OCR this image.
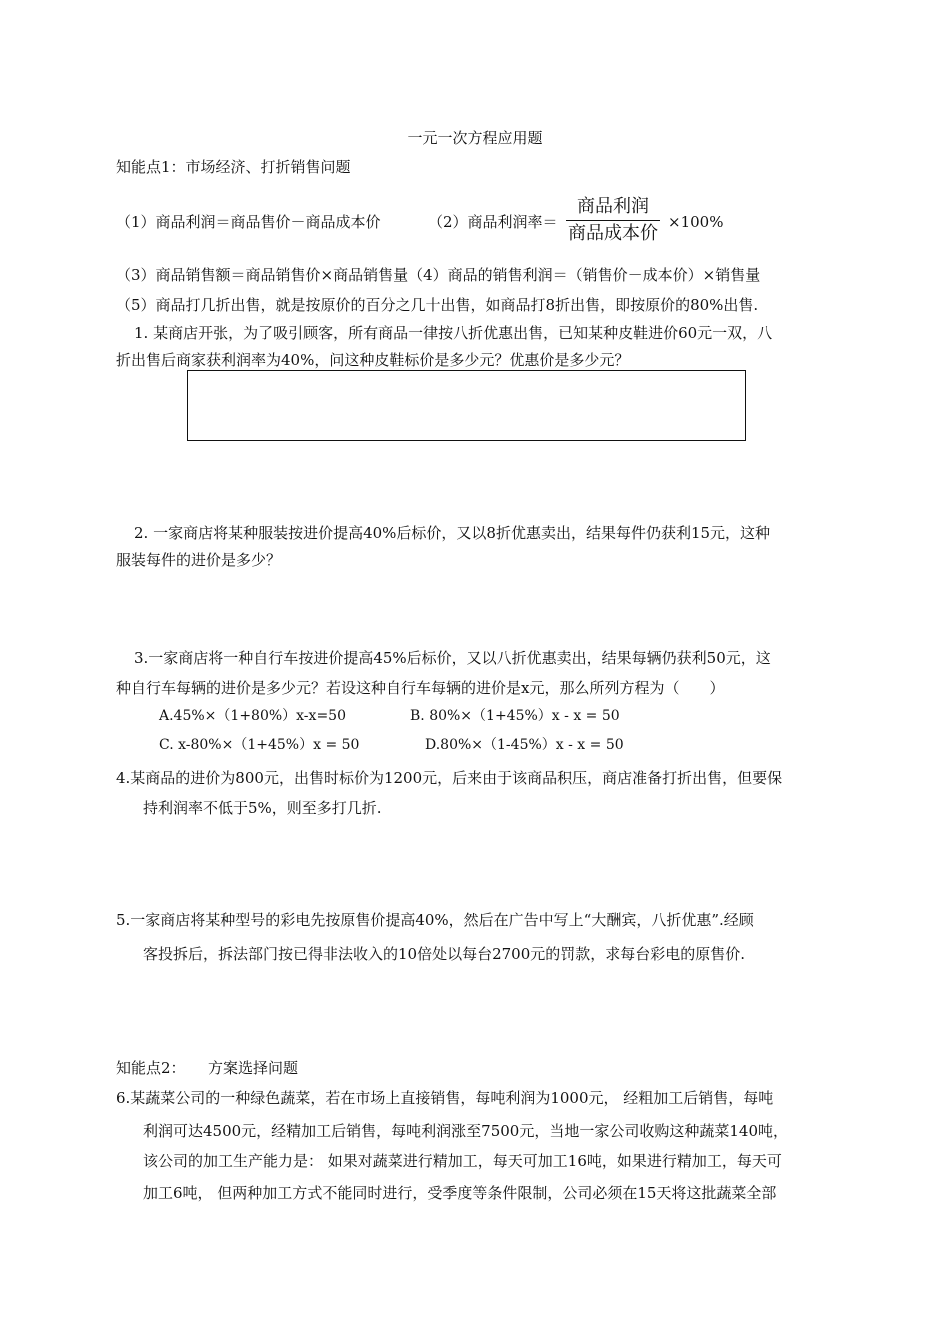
一元一次方程应用题
知能点1：市场经济、打折销售问题
（1）商品利润＝商品售价－商品成本价	（2）商品利润率＝
商品利润
商品成本价
×100%
（3）商品销售额＝商品销售价×商品销售量（4）商品的销售利润＝（销售价－成本价）×销售量
（5）商品打几折出售，就是按原价的百分之几十出售，如商品打8折出售，即按原价的80%出售.
1. 某商店开张，为了吸引顾客，所有商品一律按八折优惠出售，已知某种皮鞋进价60元一双，八
折出售后商家获利润率为40%，问这种皮鞋标价是多少元？优惠价是多少元？
2. 一家商店将某种服装按进价提高40%后标价，又以8折优惠卖出，结果每件仍获利15元，这种
服装每件的进价是多少？
3.一家商店将一种自行车按进价提高45%后标价，又以八折优惠卖出，结果每辆仍获利50元，这
种自行车每辆的进价是多少元？若设这种自行车每辆的进价是x元，那么所列方程为（　　）
A.45%×（1+80%）x-x=50	B. 80%×（1+45%）x - x = 50
C. x-80%×（1+45%）x = 50	D.80%×（1-45%）x - x = 50
4.某商品的进价为800元，出售时标价为1200元，后来由于该商品积压，商店准备打折出售，但要保
持利润率不低于5%，则至多打几折.
5.一家商店将某种型号的彩电先按原售价提高40%，然后在广告中写上“大酬宾，八折优惠”.经顾
客投拆后，拆法部门按已得非法收入的10倍处以每台2700元的罚款，求每台彩电的原售价.
知能点2：　　方案选择问题
6.某蔬菜公司的一种绿色蔬菜，若在市场上直接销售，每吨利润为1000元， 经粗加工后销售，每吨
利润可达4500元，经精加工后销售，每吨利润涨至7500元，当地一家公司收购这种蔬菜140吨，
该公司的加工生产能力是： 如果对蔬菜进行精加工，每天可加工16吨，如果进行精加工，每天可
加工6吨， 但两种加工方式不能同时进行，受季度等条件限制，公司必须在15天将这批蔬菜全部
